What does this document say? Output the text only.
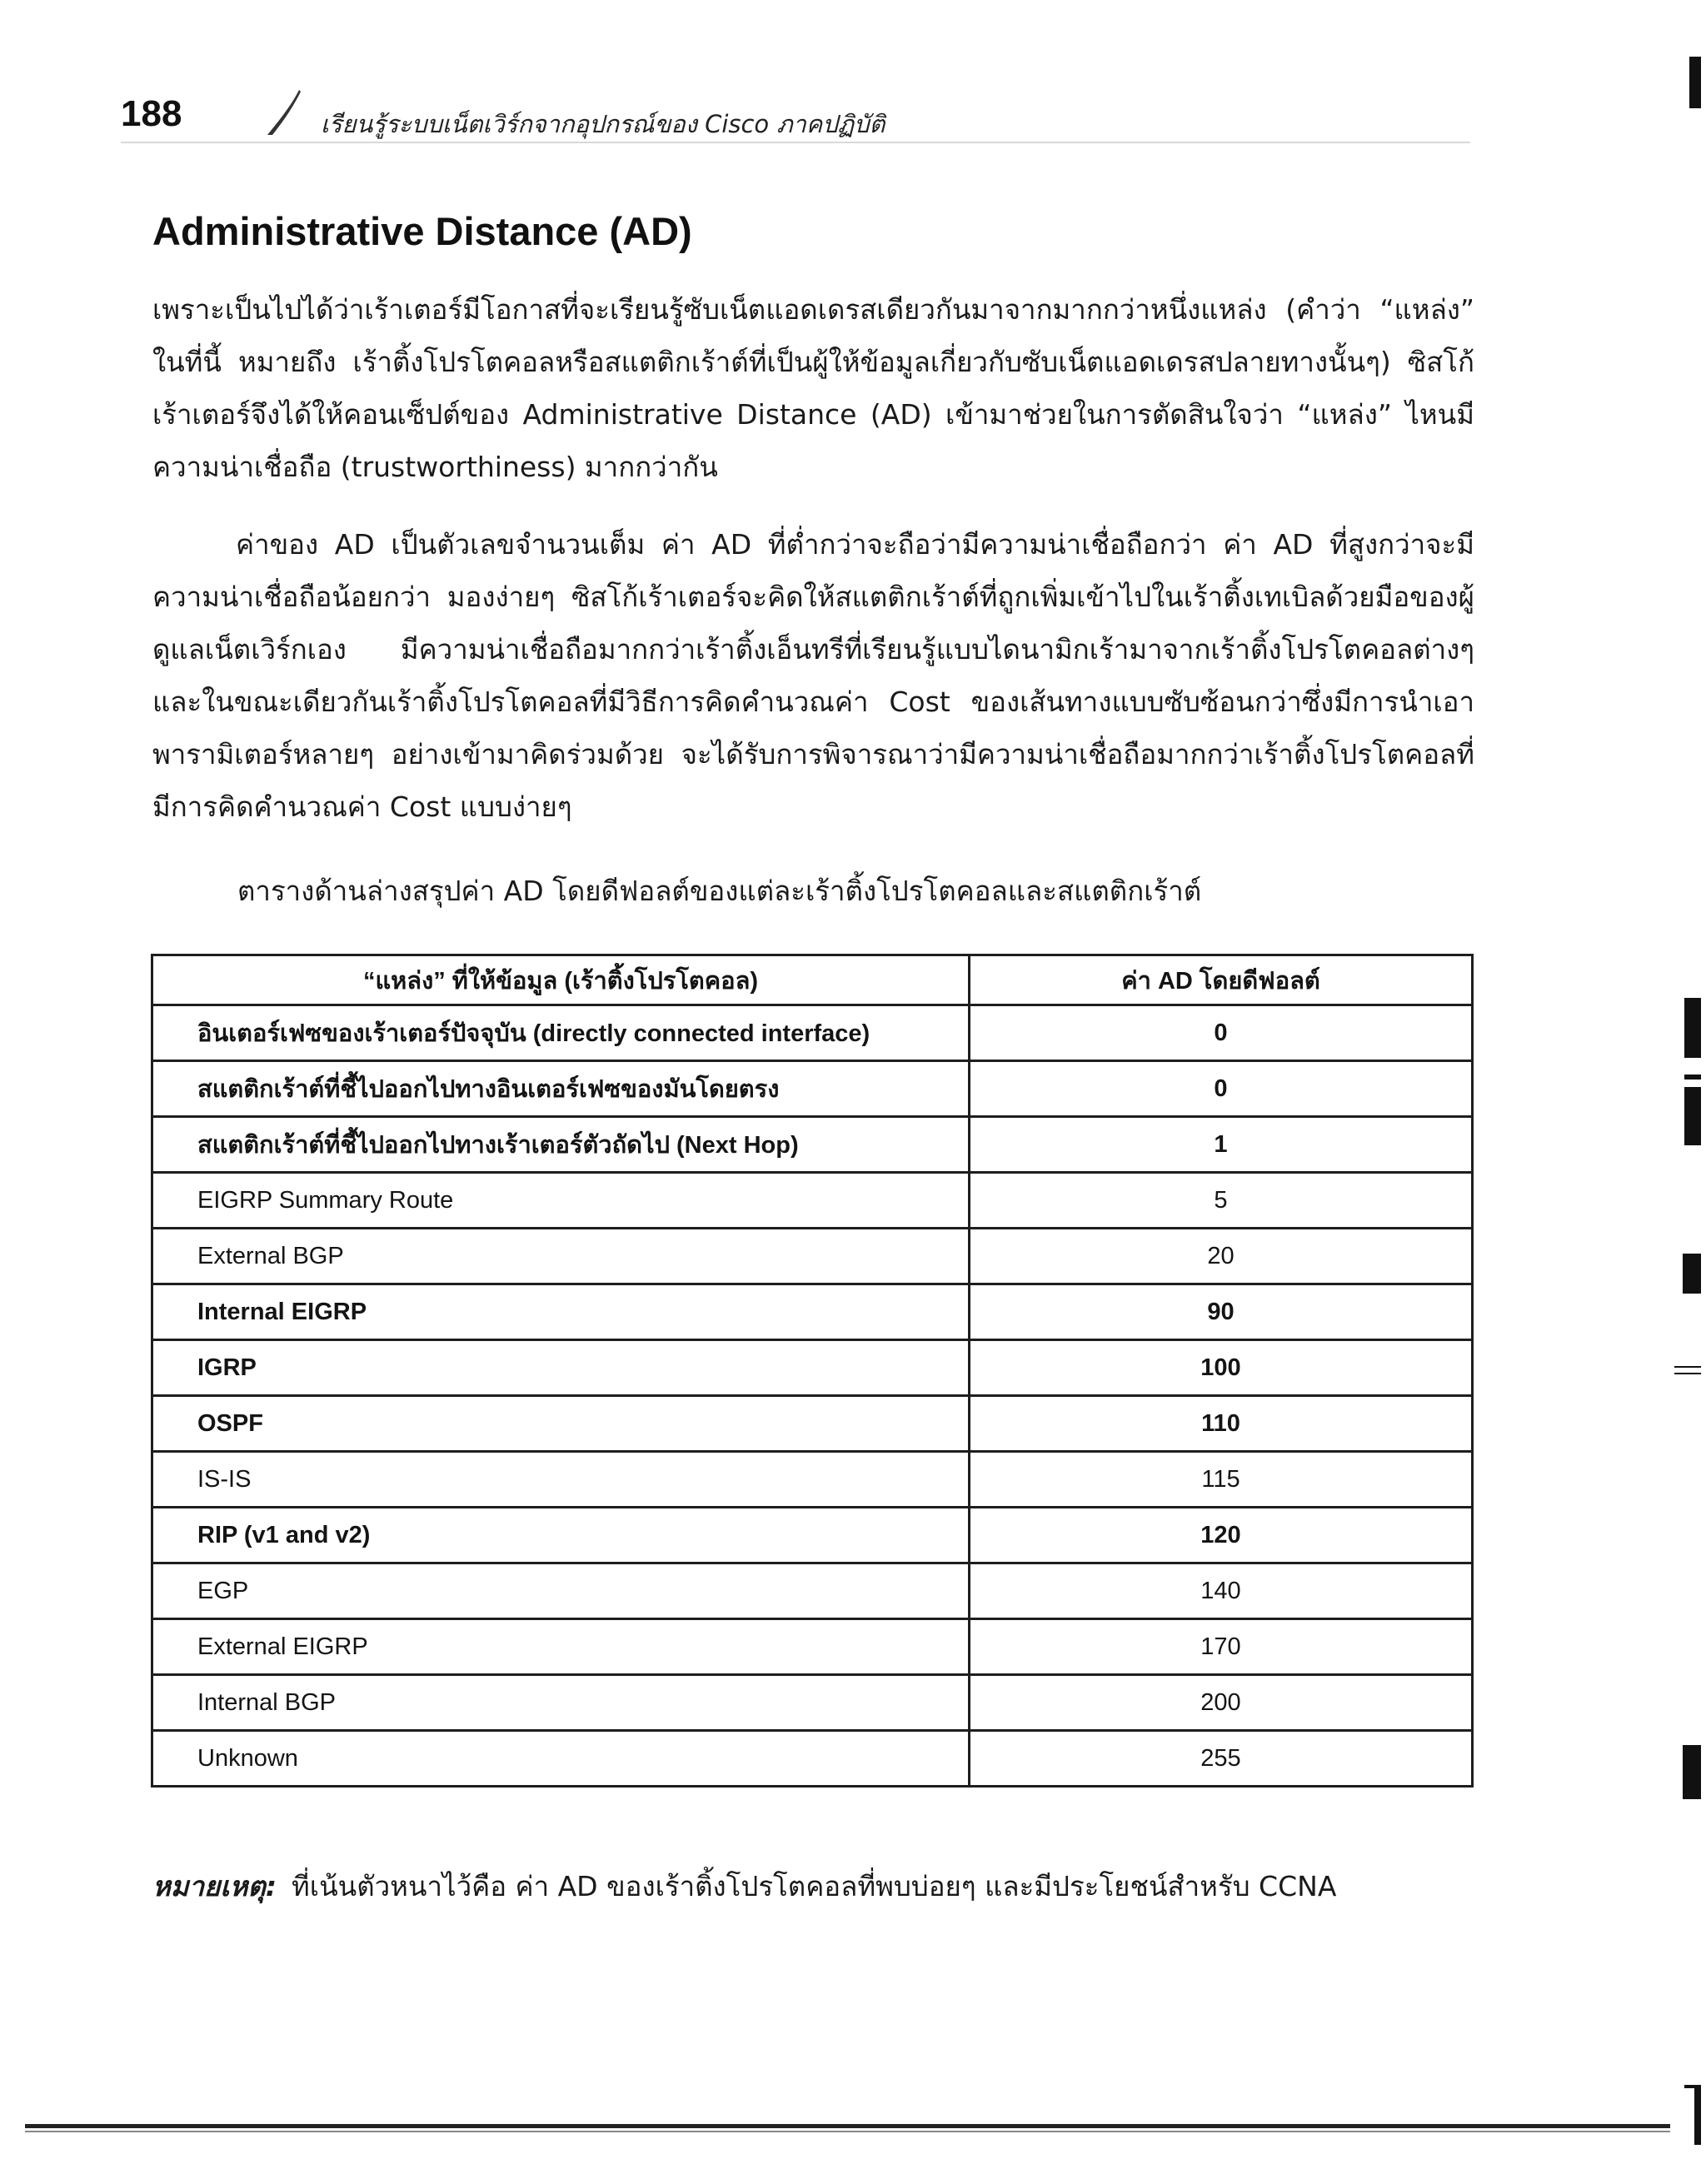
188	เรียนรู้ระบบเน็ตเวิร์กจากอุปกรณ์ของ Cisco ภาคปฏิบัติ
Administrative Distance (AD)

เพราะเป็นไปได้ว่าเร้าเตอร์มีโอกาสที่จะเรียนรู้ซับเน็ตแอดเดรสเดียวกันมาจากมากกว่าหนึ่งแหล่ง (คำว่า “แหล่ง” ในที่นี้ หมายถึง เร้าติ้งโปรโตคอลหรือสแตติกเร้าต์ที่เป็นผู้ให้ข้อมูลเกี่ยวกับซับเน็ตแอดเดรสปลายทางนั้นๆ) ซิสโก้เร้าเตอร์จึงได้ให้คอนเซ็ปต์ของ Administrative Distance (AD) เข้ามาช่วยในการตัดสินใจว่า “แหล่ง” ไหนมีความน่าเชื่อถือ (trustworthiness) มากกว่ากัน

ค่าของ AD เป็นตัวเลขจำนวนเต็ม ค่า AD ที่ต่ำกว่าจะถือว่ามีความน่าเชื่อถือกว่า ค่า AD ที่สูงกว่าจะมีความน่าเชื่อถือน้อยกว่า มองง่ายๆ ซิสโก้เร้าเตอร์จะคิดให้สแตติกเร้าต์ที่ถูกเพิ่มเข้าไปในเร้าติ้งเทเบิลด้วยมือของผู้ดูแลเน็ตเวิร์กเอง มีความน่าเชื่อถือมากกว่าเร้าติ้งเอ็นทรีที่เรียนรู้แบบไดนามิกเร้ามาจากเร้าติ้งโปรโตคอลต่างๆ และในขณะเดียวกันเร้าติ้งโปรโตคอลที่มีวิธีการคิดคำนวณค่า Cost ของเส้นทางแบบซับซ้อนกว่าซึ่งมีการนำเอาพารามิเตอร์หลายๆ อย่างเข้ามาคิดร่วมด้วย จะได้รับการพิจารณาว่ามีความน่าเชื่อถือมากกว่าเร้าติ้งโปรโตคอลที่มีการคิดคำนวณค่า Cost แบบง่ายๆ

ตารางด้านล่างสรุปค่า AD โดยดีฟอลต์ของแต่ละเร้าติ้งโปรโตคอลและสแตติกเร้าต์

“แหล่ง” ที่ให้ข้อมูล (เร้าติ้งโปรโตคอล)	ค่า AD โดยดีฟอลต์
อินเตอร์เฟซของเร้าเตอร์ปัจจุบัน (directly connected interface)	0
สแตติกเร้าต์ที่ชี้ไปออกไปทางอินเตอร์เฟซของมันโดยตรง	0
สแตติกเร้าต์ที่ชี้ไปออกไปทางเร้าเตอร์ตัวถัดไป (Next Hop)	1
EIGRP Summary Route	5
External BGP	20
Internal EIGRP	90
IGRP	100
OSPF	110
IS-IS	115
RIP (v1 and v2)	120
EGP	140
External EIGRP	170
Internal BGP	200
Unknown	255
หมายเหตุ: ที่เน้นตัวหนาไว้คือ ค่า AD ของเร้าติ้งโปรโตคอลที่พบบ่อยๆ และมีประโยชน์สำหรับ CCNA
